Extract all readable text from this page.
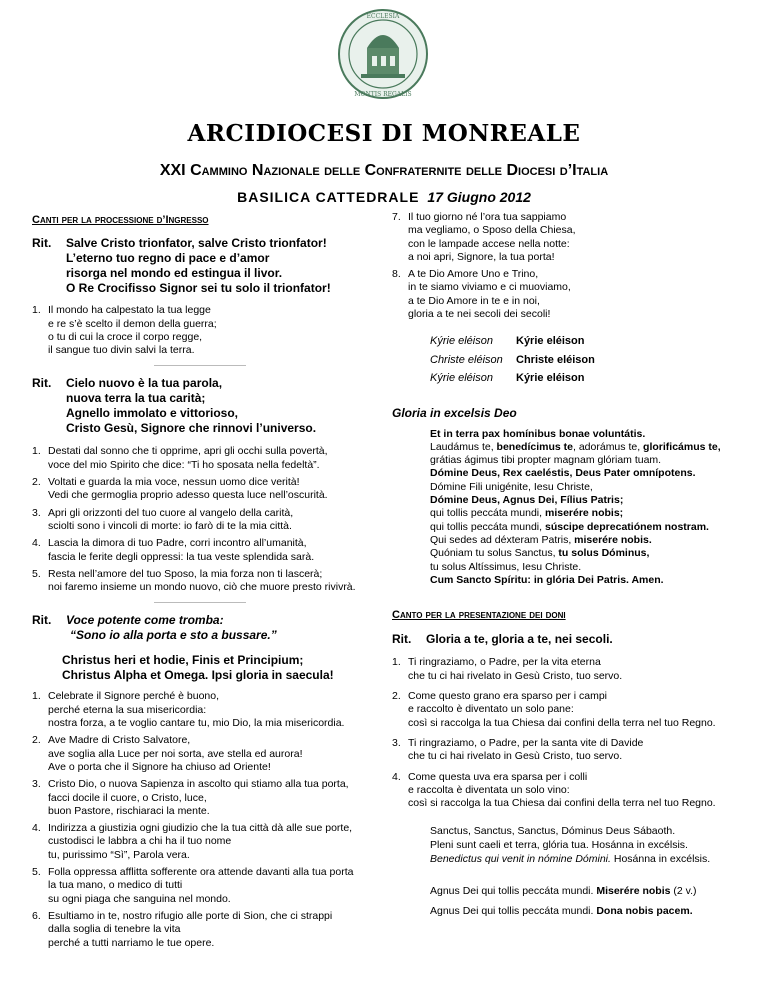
MONTIS REGALIS
ECCLESIA
ARCIDIOCESI DI MONREALE
XXI Cammino Nazionale delle Confraternite delle Diocesi d’Italia
BASILICA CATTEDRALE 17 Giugno 2012
Canti per la processione d’Ingresso
Rit.	Salve Cristo trionfator, salve Cristo trionfator!
L’eterno tuo regno di pace e d’amor
risorga nel mondo ed estingua il livor.
O Re Crocifisso Signor sei tu solo il trionfator!
1. Il mondo ha calpestato la tua legge
e re s’è scelto il demon della guerra;
o tu di cui la croce il corpo regge,
il sangue tuo divin salvi la terra.
Rit.	Cielo nuovo è la tua parola,
nuova terra la tua carità;
Agnello immolato e vittorioso,
Cristo Gesù, Signore che rinnovi l’universo.
1. Destati dal sonno che ti opprime, apri gli occhi sulla povertà,
voce del mio Spirito che dice: “Ti ho sposata nella fedeltà”.
2. Voltati e guarda la mia voce, nessun uomo dice verità!
Vedi che germoglia proprio adesso questa luce nell’oscurità.
3. Apri gli orizzonti del tuo cuore al vangelo della carità,
sciolti sono i vincoli di morte: io farò di te la mia città.
4. Lascia la dimora di tuo Padre, corri incontro all’umanità,
fascia le ferite degli oppressi: la tua veste splendida sarà.
5. Resta nell’amore del tuo Sposo, la mia forza non ti lascerà;
noi faremo insieme un mondo nuovo, ciò che muore presto rivivrà.
Rit.	Voce potente come tromba:
“Sono io alla porta e sto a bussare.”
Christus heri et hodie, Finis et Principium;
Christus Alpha et Omega. Ipsi gloria in saecula!
1. Celebrate il Signore perché è buono,
perché eterna la sua misericordia:
nostra forza, a te voglio cantare tu, mio Dio, la mia misericordia.
2. Ave Madre di Cristo Salvatore,
ave soglia alla Luce per noi sorta, ave stella ed aurora!
Ave o porta che il Signore ha chiuso ad Oriente!
3. Cristo Dio, o nuova Sapienza in ascolto qui stiamo alla tua porta,
facci docile il cuore, o Cristo, luce,
buon Pastore, rischiaraci la mente.
4. Indirizza a giustizia ogni giudizio che la tua città dà alle sue porte,
custodisci le labbra a chi ha il tuo nome
tu, purissimo “Sì”, Parola vera.
5. Folla oppressa afflitta sofferente ora attende davanti alla tua porta
la tua mano, o medico di tutti
su ogni piaga che sanguina nel mondo.
6. Esultiamo in te, nostro rifugio alle porte di Sion, che ci strappi
dalla soglia di tenebre la vita
perché a tutti narriamo le tue opere.
7. Il tuo giorno né l’ora tua sappiamo
ma vegliamo, o Sposo della Chiesa,
con le lampade accese nella notte:
a noi apri, Signore, la tua porta!
8. A te Dio Amore Uno e Trino,
in te siamo viviamo e ci muoviamo,
a te Dio Amore in te e in noi,
gloria a te nei secoli dei secoli!
Kýrie eléison	Kýrie eléison
Christe eléison	Christe eléison
Kýrie eléison	Kýrie eléison
Gloria in excelsis Deo
Et in terra pax homínibus bonae voluntátis.
Laudámus te, benedícimus te, adorámus te, glorificámus te,
grátias ágimus tibi propter magnam glóriam tuam.
Dómine Deus, Rex caeléstis, Deus Pater omnípotens.
Dómine Fili unigénite, Iesu Christe,
Dómine Deus, Agnus Dei, Fílius Patris;
qui tollis peccáta mundi, miserére nobis;
qui tollis peccáta mundi, súscipe deprecatiónem nostram.
Qui sedes ad déxteram Patris, miserére nobis.
Quóniam tu solus Sanctus, tu solus Dóminus,
tu solus Altíssimus, Iesu Christe.
Cum Sancto Spíritu: in glória Dei Patris. Amen.
Canto per la presentazione dei doni
Rit.	Gloria a te, gloria a te, nei secoli.
1. Ti ringraziamo, o Padre, per la vita eterna
che tu ci hai rivelato in Gesù Cristo, tuo servo.
2. Come questo grano era sparso per i campi
e raccolto è diventato un solo pane:
così si raccolga la tua Chiesa dai confini della terra nel tuo Regno.
3. Ti ringraziamo, o Padre, per la santa vite di Davide
che tu ci hai rivelato in Gesù Cristo, tuo servo.
4. Come questa uva era sparsa per i colli
e raccolta è diventata un solo vino:
così si raccolga la tua Chiesa dai confini della terra nel tuo Regno.
Sanctus, Sanctus, Sanctus, Dóminus Deus Sábaoth.
Pleni sunt caeli et terra, glória tua. Hosánna in excélsis.
Benedictus qui venit in nómine Dómini. Hosánna in excélsis.
Agnus Dei qui tollis peccáta mundi. Miserére nobis (2 v.)
Agnus Dei qui tollis peccáta mundi. Dona nobis pacem.
